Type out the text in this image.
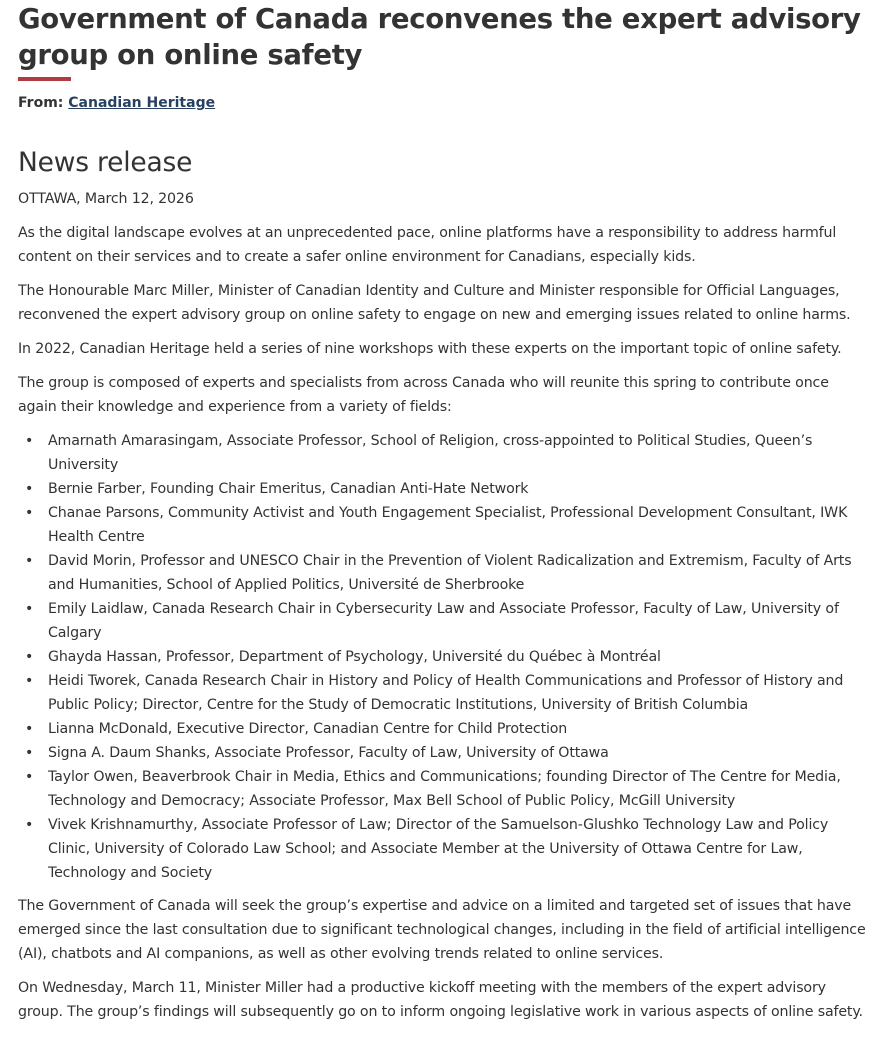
Government of Canada reconvenes the expert advisory group on online safety
From: Canadian Heritage
News release

OTTAWA, March 12, 2026

As the digital landscape evolves at an unprecedented pace, online platforms have a responsibility to address harmful content on their services and to create a safer online environment for Canadians, especially kids.

The Honourable Marc Miller, Minister of Canadian Identity and Culture and Minister responsible for Official Languages, reconvened the expert advisory group on online safety to engage on new and emerging issues related to online harms.

In 2022, Canadian Heritage held a series of nine workshops with these experts on the important topic of online safety.

The group is composed of experts and specialists from across Canada who will reunite this spring to contribute once again their knowledge and experience from a variety of fields:

• Amarnath Amarasingam, Associate Professor, School of Religion, cross-appointed to Political Studies, Queen’s University
• Bernie Farber, Founding Chair Emeritus, Canadian Anti-Hate Network
• Chanae Parsons, Community Activist and Youth Engagement Specialist, Professional Development Consultant, IWK Health Centre
• David Morin, Professor and UNESCO Chair in the Prevention of Violent Radicalization and Extremism, Faculty of Arts and Humanities, School of Applied Politics, Université de Sherbrooke
• Emily Laidlaw, Canada Research Chair in Cybersecurity Law and Associate Professor, Faculty of Law, University of Calgary
• Ghayda Hassan, Professor, Department of Psychology, Université du Québec à Montréal
• Heidi Tworek, Canada Research Chair in History and Policy of Health Communications and Professor of History and Public Policy; Director, Centre for the Study of Democratic Institutions, University of British Columbia
• Lianna McDonald, Executive Director, Canadian Centre for Child Protection
• Signa A. Daum Shanks, Associate Professor, Faculty of Law, University of Ottawa
• Taylor Owen, Beaverbrook Chair in Media, Ethics and Communications; founding Director of The Centre for Media, Technology and Democracy; Associate Professor, Max Bell School of Public Policy, McGill University
• Vivek Krishnamurthy, Associate Professor of Law; Director of the Samuelson-Glushko Technology Law and Policy Clinic, University of Colorado Law School; and Associate Member at the University of Ottawa Centre for Law, Technology and Society

The Government of Canada will seek the group’s expertise and advice on a limited and targeted set of issues that have emerged since the last consultation due to significant technological changes, including in the field of artificial intelligence (AI), chatbots and AI companions, as well as other evolving trends related to online services.

On Wednesday, March 11, Minister Miller had a productive kickoff meeting with the members of the expert advisory group. The group’s findings will subsequently go on to inform ongoing legislative work in various aspects of online safety.
